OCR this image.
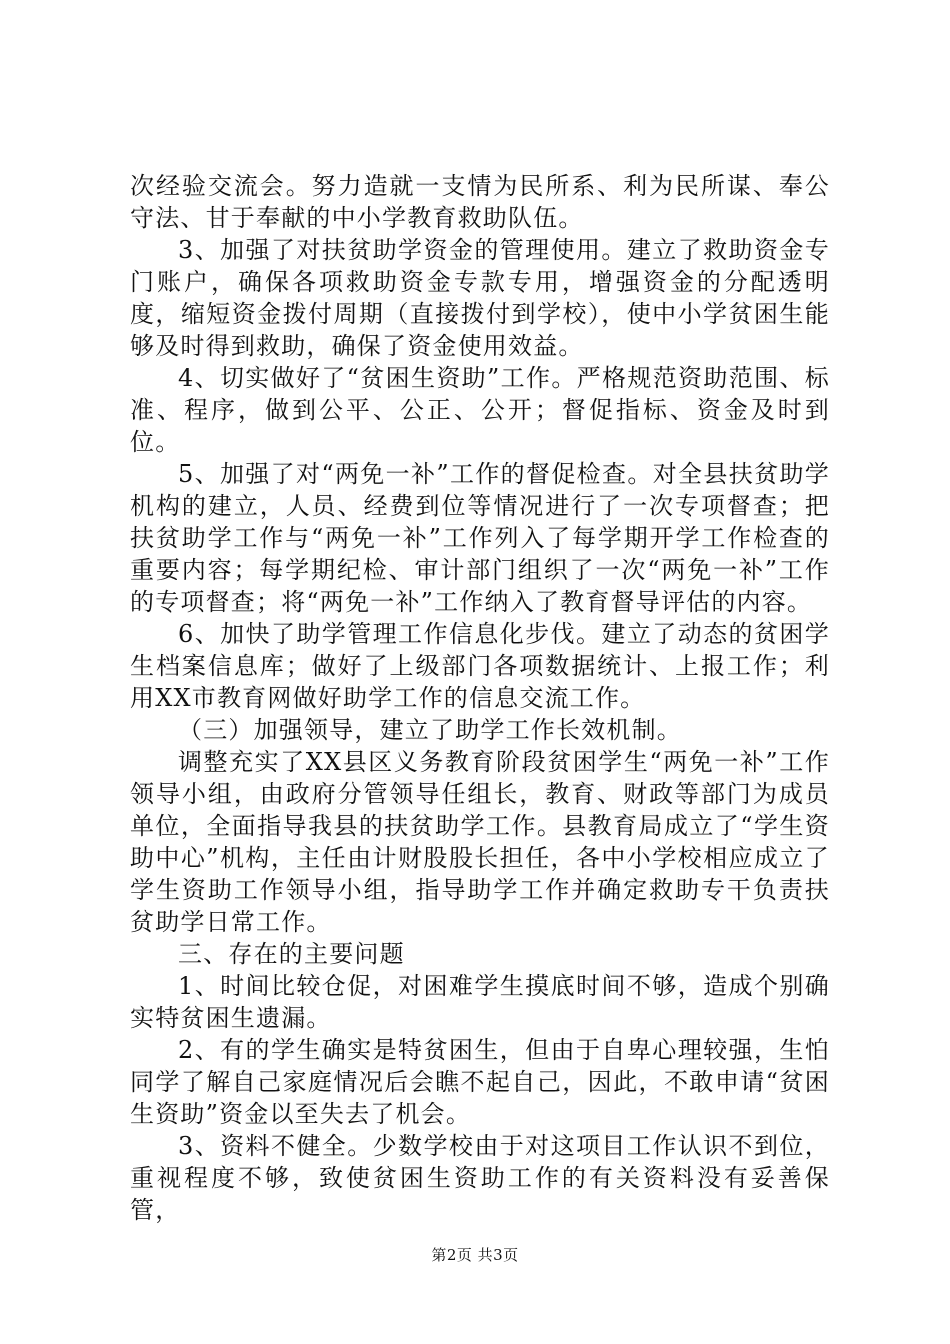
次经验交流会。努力造就一支情为民所系、利为民所谋、奉公守法、甘于奉献的中小学教育救助队伍。

3、加强了对扶贫助学资金的管理使用。建立了救助资金专门账户，确保各项救助资金专款专用，增强资金的分配透明度，缩短资金拨付周期（直接拨付到学校），使中小学贫困生能够及时得到救助，确保了资金使用效益。

4、切实做好了“贫困生资助”工作。严格规范资助范围、标准、程序，做到公平、公正、公开；督促指标、资金及时到位。

5、加强了对“两免一补”工作的督促检查。对全县扶贫助学机构的建立，人员、经费到位等情况进行了一次专项督查；把扶贫助学工作与“两免一补”工作列入了每学期开学工作检查的重要内容；每学期纪检、审计部门组织了一次“两免一补”工作的专项督查；将“两免一补”工作纳入了教育督导评估的内容。

6、加快了助学管理工作信息化步伐。建立了动态的贫困学生档案信息库；做好了上级部门各项数据统计、上报工作；利用XX市教育网做好助学工作的信息交流工作。

（三）加强领导，建立了助学工作长效机制。

调整充实了XX县区义务教育阶段贫困学生“两免一补”工作领导小组，由政府分管领导任组长，教育、财政等部门为成员单位，全面指导我县的扶贫助学工作。县教育局成立了“学生资助中心”机构，主任由计财股股长担任，各中小学校相应成立了学生资助工作领导小组，指导助学工作并确定救助专干负责扶贫助学日常工作。

三、存在的主要问题

1、时间比较仓促，对困难学生摸底时间不够，造成个别确实特贫困生遗漏。

2、有的学生确实是特贫困生，但由于自卑心理较强，生怕同学了解自己家庭情况后会瞧不起自己，因此，不敢申请“贫困生资助”资金以至失去了机会。

3、资料不健全。少数学校由于对这项目工作认识不到位，重视程度不够，致使贫困生资助工作的有关资料没有妥善保管，

第2页 共3页
